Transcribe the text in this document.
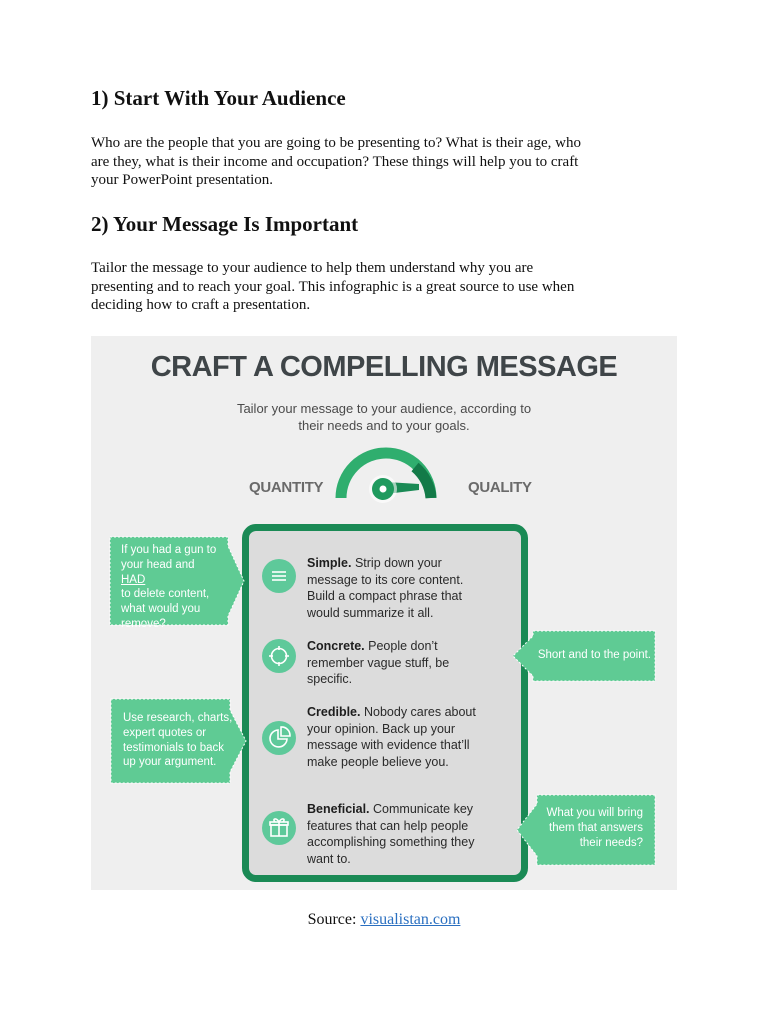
1) Start With Your Audience

Who are the people that you are going to be presenting to? What is their age, who
are they, what is their income and occupation? These things will help you to craft
your PowerPoint presentation.

2) Your Message Is Important

Tailor the message to your audience to help them understand why you are
presenting and to reach your goal. This infographic is a great source to use when
deciding how to craft a presentation.

CRAFT A COMPELLING MESSAGE
Tailor your message to your audience, according to
their needs and to your goals.
QUANTITY	QUALITY
Simple. Strip down your
message to its core content.
Build a compact phrase that
would summarize it all.
Concrete. People don’t
remember vague stuff, be
specific.
Credible. Nobody cares about
your opinion. Back up your
message with evidence that’ll
make people believe you.
Beneficial. Communicate key
features that can help people
accomplishing something they
want to.
If you had a gun to
your head and
HAD
to delete content,
what would you
remove?
Use research, charts,
expert quotes or
testimonials to back
up your argument.
Short and to the point.
What you will bring
them that answers
their needs?
Source: visualistan.com
